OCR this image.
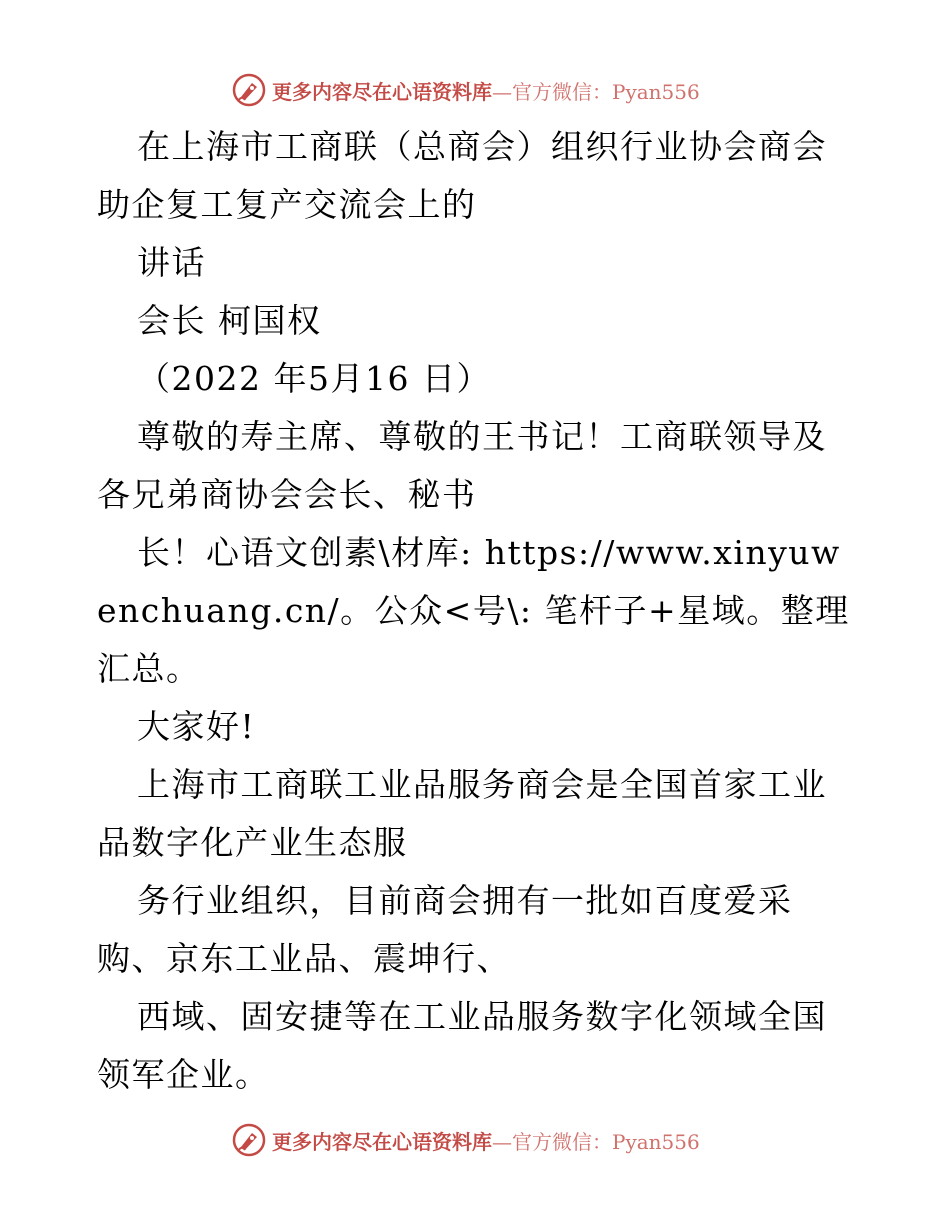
更多内容尽在心语资料库—官方微信：Pyan556

在上海市工商联（总商会）组织行业协会商会助企复工复产交流会上的

讲话

会长 柯国权

（2022 年5月16 日）

尊敬的寿主席、尊敬的王书记！工商联领导及各兄弟商协会会长、秘书

长！心语文创素\材库: https://www.xinyuwenchuang.cn/。公众<号\: 笔杆子+星域。整理汇总。

大家好!

上海市工商联工业品服务商会是全国首家工业品数字化产业生态服

务行业组织，目前商会拥有一批如百度爱采购、京东工业品、震坤行、

西域、固安捷等在工业品服务数字化领域全国领军企业。

更多内容尽在心语资料库—官方微信：Pyan556
